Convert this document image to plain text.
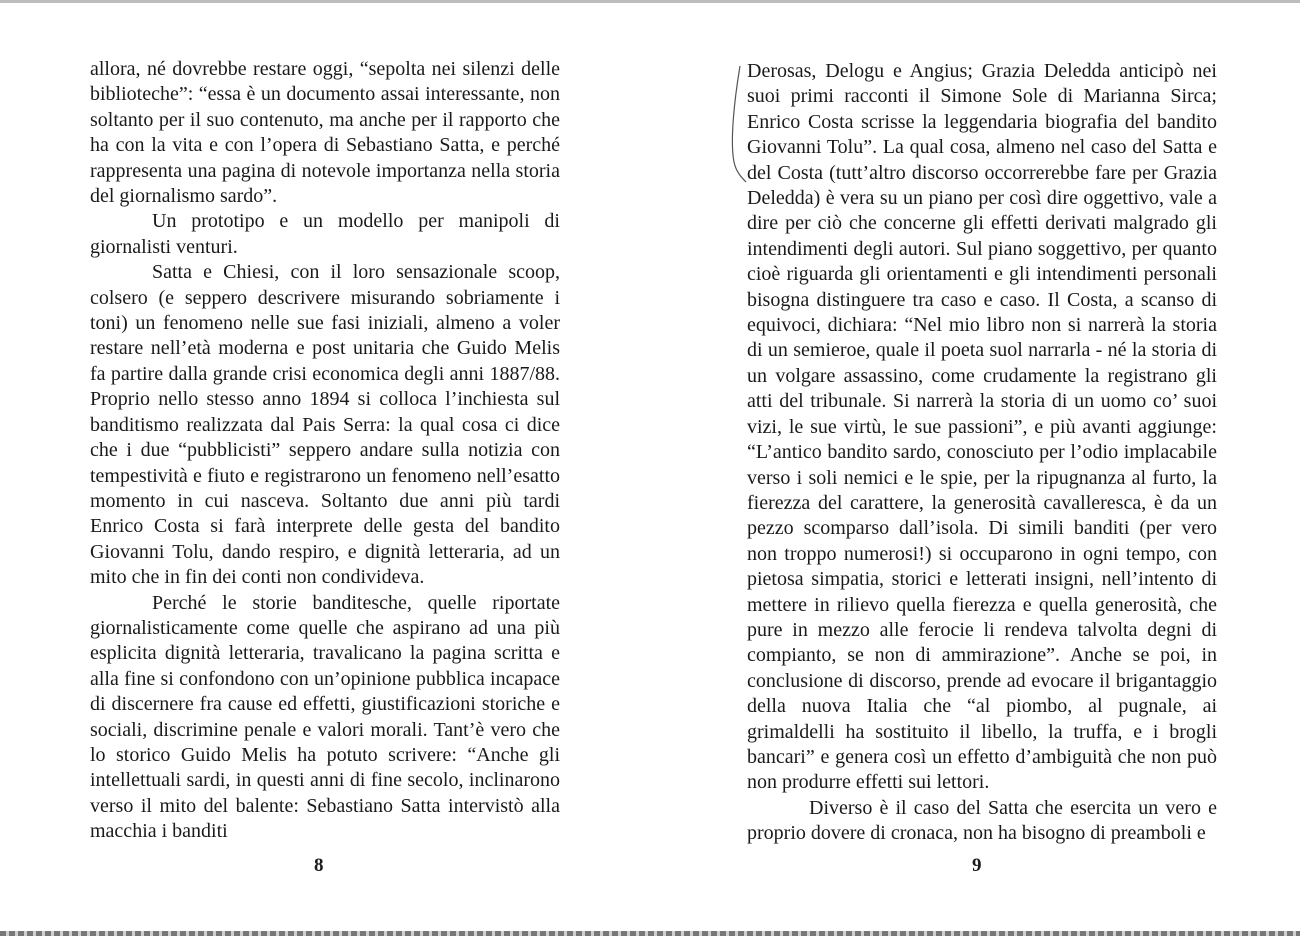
allora, né dovrebbe restare oggi, “sepolta nei silenzi delle biblioteche”: “essa è un documento assai interessante, non soltanto per il suo contenuto, ma anche per il rapporto che ha con la vita e con l’opera di Sebastiano Satta, e perché rappresenta una pagina di notevole importanza nella storia del giornalismo sardo”.

Un prototipo e un modello per manipoli di giornalisti venturi.

Satta e Chiesi, con il loro sensazionale scoop, colsero (e seppero descrivere misurando sobriamente i toni) un fenomeno nelle sue fasi iniziali, almeno a voler restare nell’età moderna e post unitaria che Guido Melis fa partire dalla grande crisi economica degli anni 1887/88. Proprio nello stesso anno 1894 si colloca l’inchiesta sul banditismo realizzata dal Pais Serra: la qual cosa ci dice che i due “pubblicisti” seppero andare sulla notizia con tempestività e fiuto e registrarono un fenomeno nell’esatto momento in cui nasceva. Soltanto due anni più tardi Enrico Costa si farà interprete delle gesta del bandito Giovanni Tolu, dando respiro, e dignità letteraria, ad un mito che in fin dei conti non condivideva.

Perché le storie banditesche, quelle riportate giornalisticamente come quelle che aspirano ad una più esplicita dignità letteraria, travalicano la pagina scritta e alla fine si confondono con un’opinione pubblica incapace di discernere fra cause ed effetti, giustificazioni storiche e sociali, discrimine penale e valori morali. Tant’è vero che lo storico Guido Melis ha potuto scrivere: “Anche gli intellettuali sardi, in questi anni di fine secolo, inclinarono verso il mito del balente: Sebastiano Satta intervistò alla macchia i banditi

8

Derosas, Delogu e Angius; Grazia Deledda anticipò nei suoi primi racconti il Simone Sole di Marianna Sirca; Enrico Costa scrisse la leggendaria biografia del bandito Giovanni Tolu”. La qual cosa, almeno nel caso del Satta e del Costa (tutt’altro discorso occorrerebbe fare per Grazia Deledda) è vera su un piano per così dire oggettivo, vale a dire per ciò che concerne gli effetti derivati malgrado gli intendimenti degli autori. Sul piano soggettivo, per quanto cioè riguarda gli orientamenti e gli intendimenti personali bisogna distinguere tra caso e caso. Il Costa, a scanso di equivoci, dichiara: “Nel mio libro non si narrerà la storia di un semieroe, quale il poeta suol narrarla - né la storia di un volgare assassino, come crudamente la registrano gli atti del tribunale. Si narrerà la storia di un uomo co’ suoi vizi, le sue virtù, le sue passioni”, e più avanti aggiunge: “L’antico bandito sardo, conosciuto per l’odio implacabile verso i soli nemici e le spie, per la ripugnanza al furto, la fierezza del carattere, la generosità cavalleresca, è da un pezzo scomparso dall’isola. Di simili banditi (per vero non troppo numerosi!) si occuparono in ogni tempo, con pietosa simpatia, storici e letterati insigni, nell’intento di mettere in rilievo quella fierezza e quella generosità, che pure in mezzo alle ferocie li rendeva talvolta degni di compianto, se non di ammirazione”. Anche se poi, in conclusione di discorso, prende ad evocare il brigantaggio della nuova Italia che “al piombo, al pugnale, ai grimaldelli ha sostituito il libello, la truffa, e i brogli bancari” e genera così un effetto d’ambiguità che non può non produrre effetti sui lettori.

Diverso è il caso del Satta che esercita un vero e proprio dovere di cronaca, non ha bisogno di preamboli e

9
